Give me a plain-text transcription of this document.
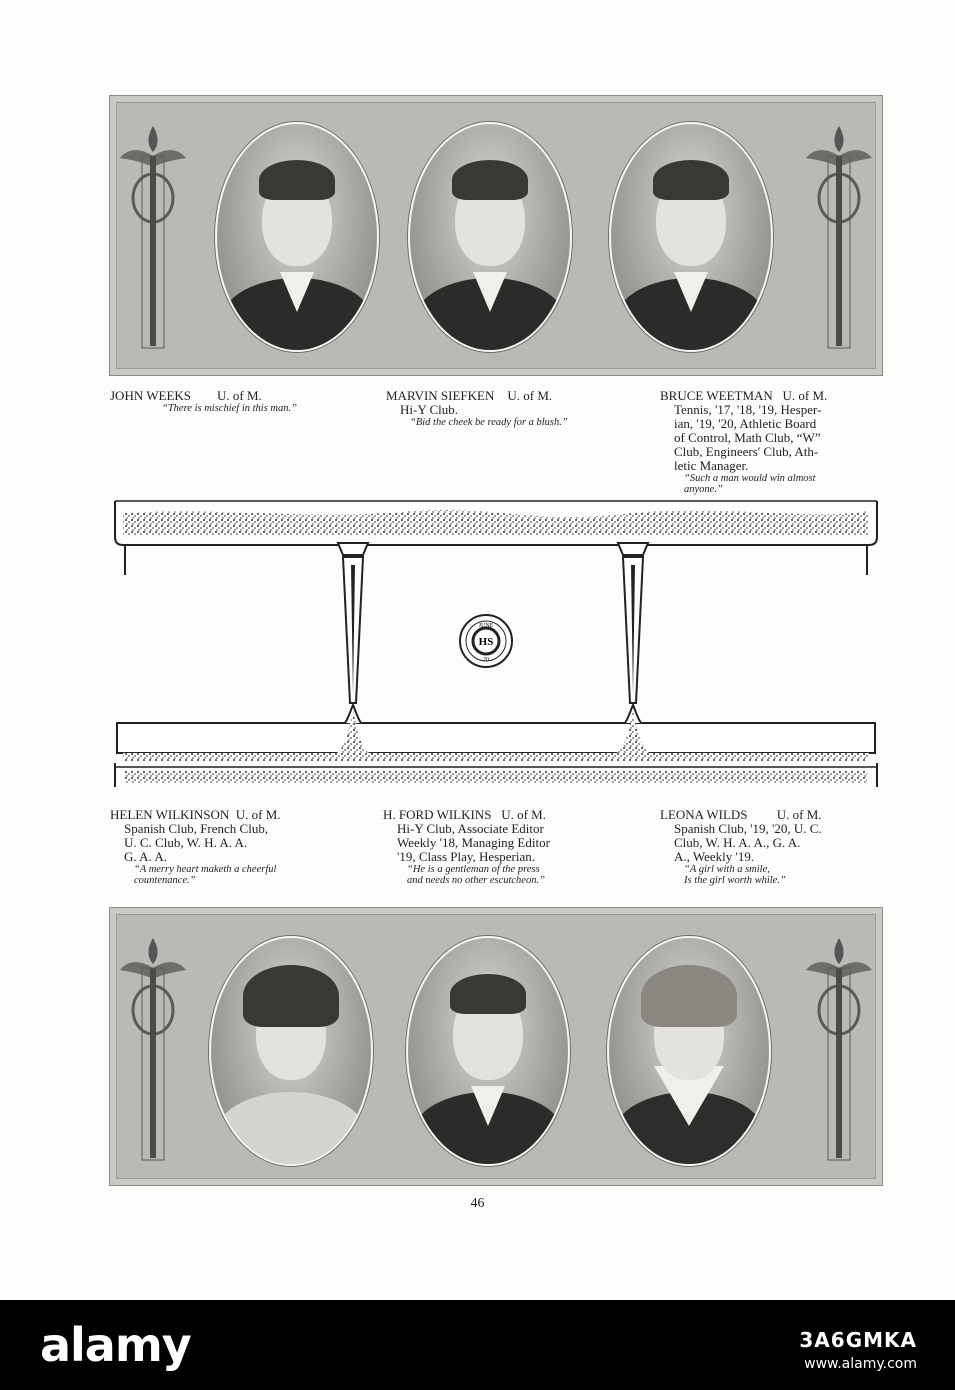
JOHN WEEKS        U. of M.
“There is mischief in this man.”
MARVIN SIEFKEN    U. of M.
Hi-Y Club.
“Bid the cheek be ready for a blush.”
BRUCE WEETMAN   U. of M.
Tennis, '17, '18, '19, Hesper-
ian, '19, '20, Athletic Board
of Control, Math Club, “W”
Club, Engineers' Club, Ath-
letic Manager.
“Such a man would win almost
anyone.”
JUNE
HS
20
HELEN WILKINSON  U. of M.
Spanish Club, French Club,
U. C. Club, W. H. A. A.
G. A. A.
“A merry heart maketh a cheerful
countenance.”
H. FORD WILKINS   U. of M.
Hi-Y Club, Associate Editor
Weekly '18, Managing Editor
'19, Class Play, Hesperian.
“He is a gentleman of the press
and needs no other escutcheon.”
LEONA WILDS         U. of M.
Spanish Club, '19, '20, U. C.
Club, W. H. A. A., G. A.
A., Weekly '19.
“A girl with a smile,
Is the girl worth while.”
46
alamy	3A6GMKA
www.alamy.com
